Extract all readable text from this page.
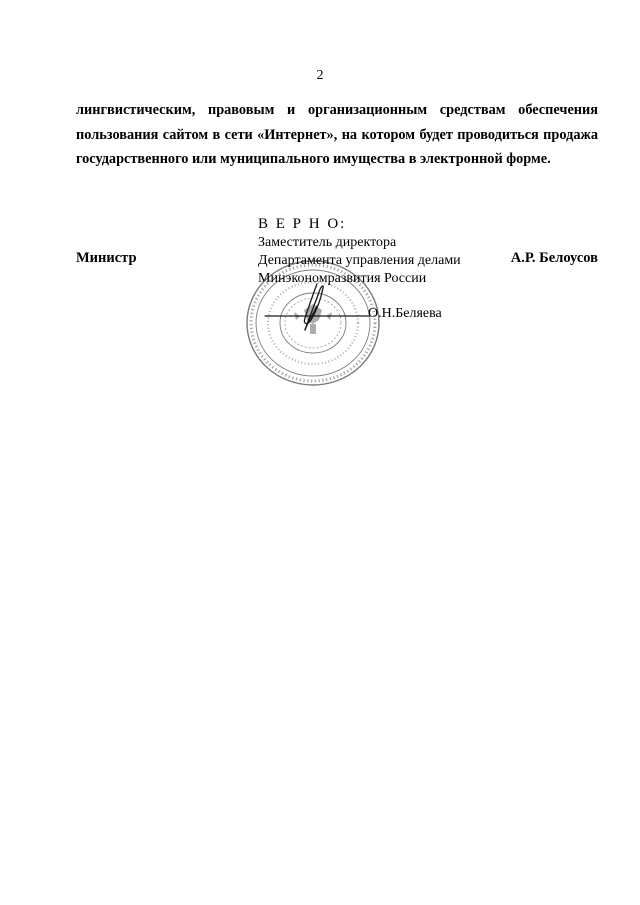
2
лингвистическим, правовым и организационным средствам обеспечения
пользования сайтом в сети «Интернет», на котором будет проводиться продажа
государственного или муниципального имущества в электронной форме.
Министр	А.Р. Белоусов
В Е Р Н О:
Заместитель директора
Департамента управления делами
Минэкономразвития России
О.Н.Беляева
